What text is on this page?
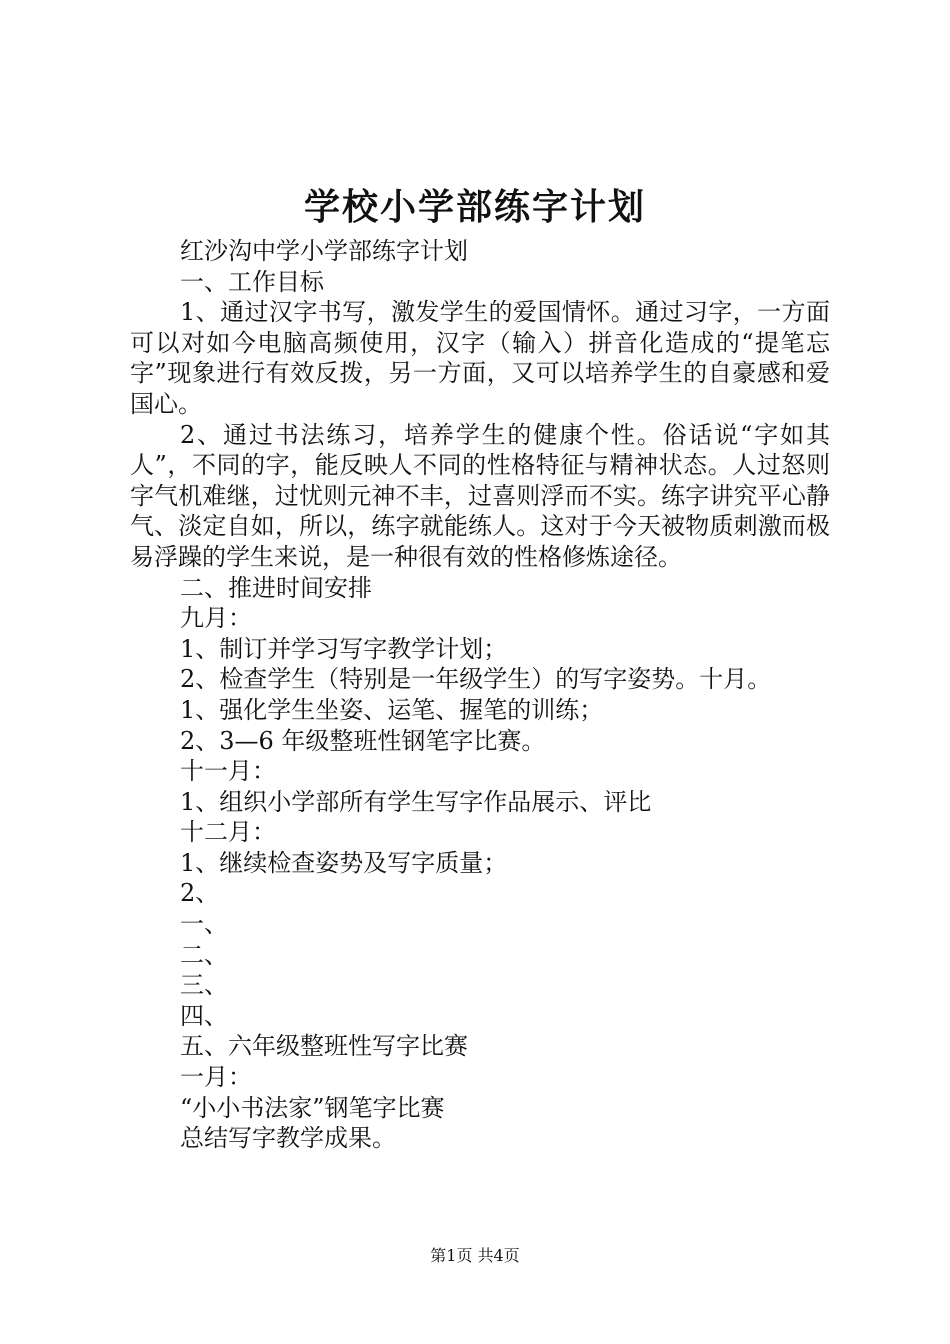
学校小学部练字计划
红沙沟中学小学部练字计划
一、工作目标
1、通过汉字书写，激发学生的爱国情怀。通过习字，一方面可以对如今电脑高频使用，汉字（输入）拼音化造成的“提笔忘字”现象进行有效反拨，另一方面，又可以培养学生的自豪感和爱国心。
2、通过书法练习，培养学生的健康个性。俗话说“字如其人”，不同的字，能反映人不同的性格特征与精神状态。人过怒则字气机难继，过忧则元神不丰，过喜则浮而不实。练字讲究平心静气、淡定自如，所以，练字就能练人。这对于今天被物质刺激而极易浮躁的学生来说，是一种很有效的性格修炼途径。
二、推进时间安排
九月：
1、制订并学习写字教学计划；
2、检查学生（特别是一年级学生）的写字姿势。十月。
1、强化学生坐姿、运笔、握笔的训练；
2、3—6 年级整班性钢笔字比赛。
十一月：
1、组织小学部所有学生写字作品展示、评比
十二月：
1、继续检查姿势及写字质量；
2、
一、
二、
三、
四、
五、六年级整班性写字比赛
一月：
“小小书法家”钢笔字比赛
总结写字教学成果。
第1页 共4页
